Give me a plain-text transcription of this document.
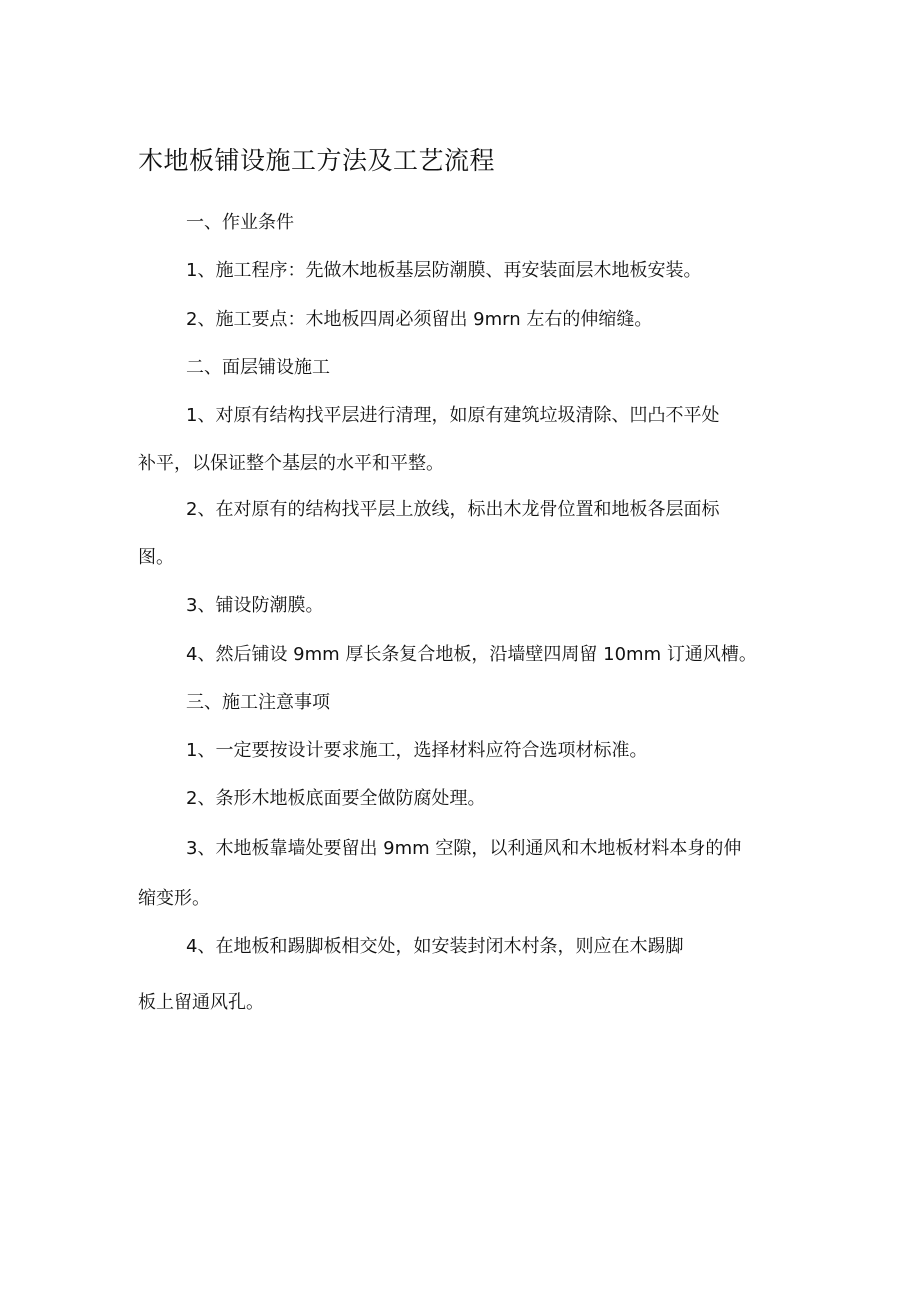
木地板铺设施工方法及工艺流程
一、作业条件
1、施工程序：先做木地板基层防潮膜、再安装面层木地板安装。
2、施工要点：木地板四周必须留出 9mrn 左右的伸缩缝。
二、面层铺设施工
1、对原有结构找平层进行清理，如原有建筑垃圾清除、凹凸不平处
补平，以保证整个基层的水平和平整。
2、在对原有的结构找平层上放线，标出木龙骨位置和地板各层面标
图。
3、铺设防潮膜。
4、然后铺设 9mm 厚长条复合地板，沿墙壁四周留 10mm 订通风槽。
三、施工注意事项
1、一定要按设计要求施工，选择材料应符合选项材标准。
2、条形木地板底面要全做防腐处理。
3、木地板靠墙处要留出 9mm 空隙，以利通风和木地板材料本身的伸
缩变形。
4、在地板和踢脚板相交处，如安装封闭木村条，则应在木踢脚
板上留通风孔。
